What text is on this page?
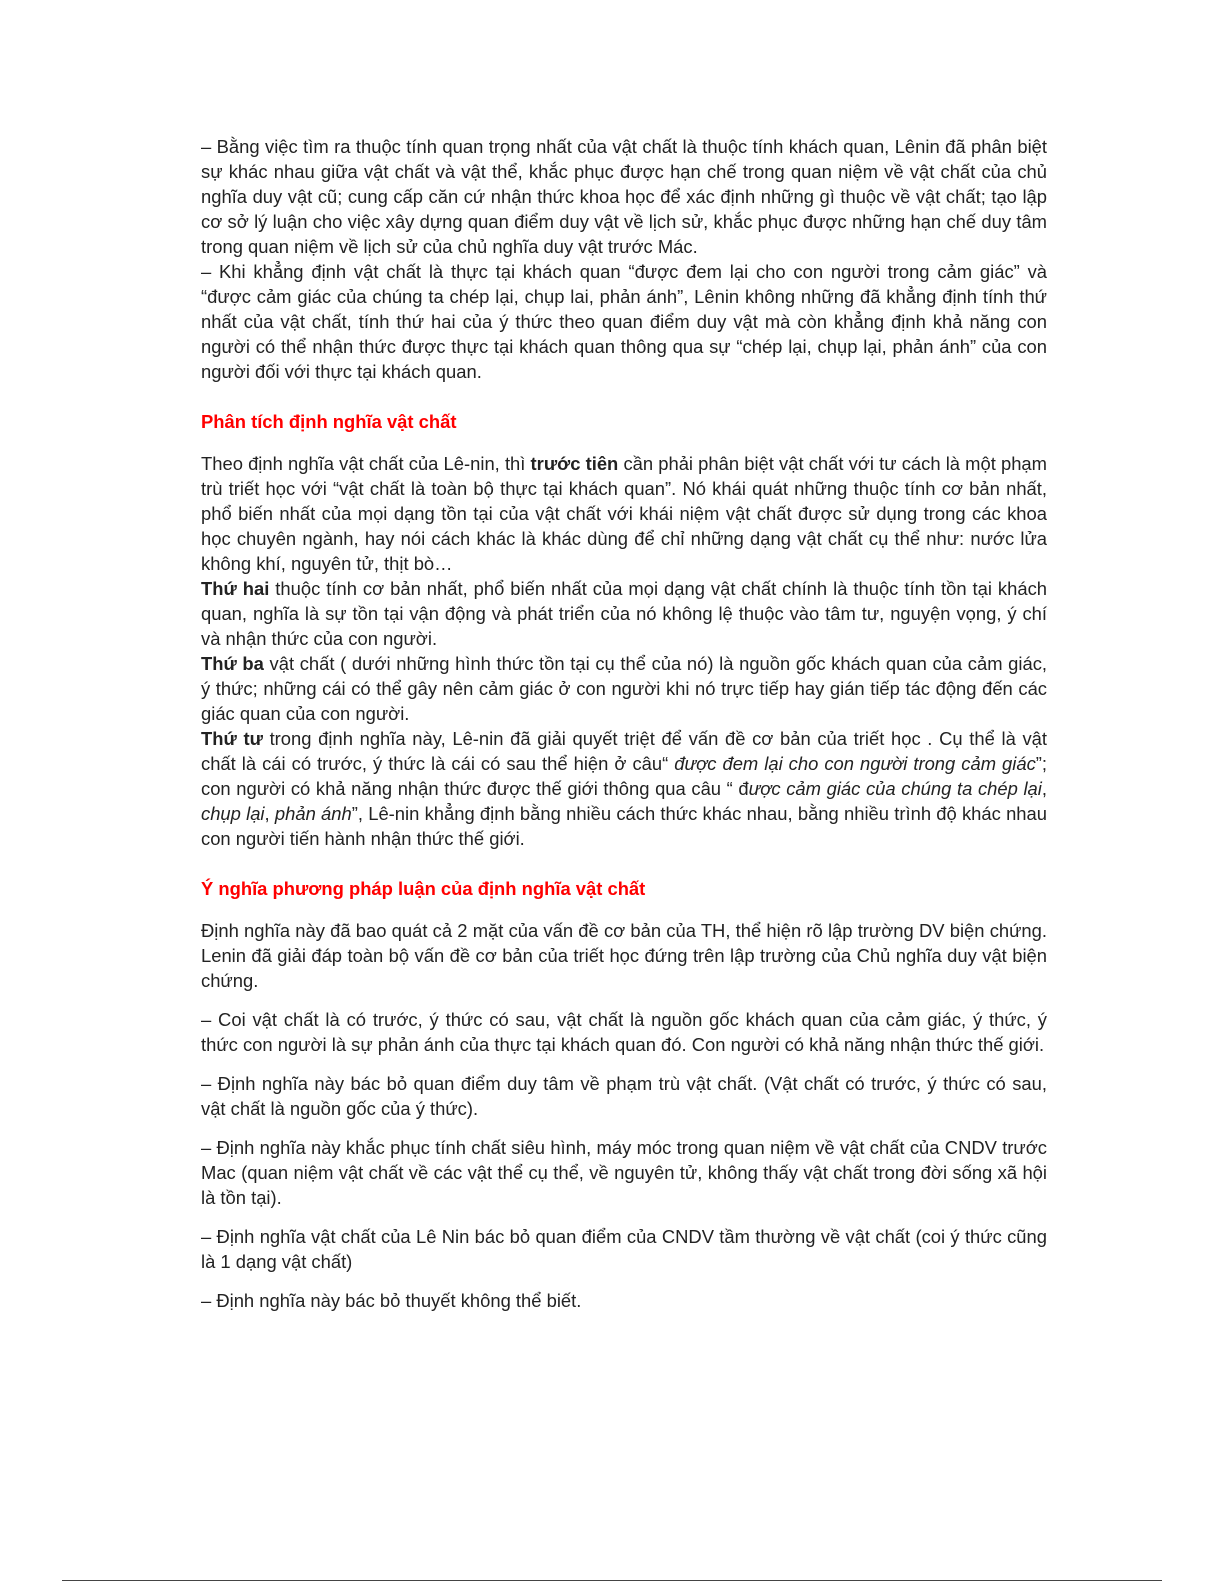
– Bằng việc tìm ra thuộc tính quan trọng nhất của vật chất là thuộc tính khách quan, Lênin đã phân biệt sự khác nhau giữa vật chất và vật thể, khắc phục được hạn chế trong quan niệm về vật chất của chủ nghĩa duy vật cũ; cung cấp căn cứ nhận thức khoa học để xác định những gì thuộc về vật chất; tạo lập cơ sở lý luận cho việc xây dựng quan điểm duy vật về lịch sử, khắc phục được những hạn chế duy tâm trong quan niệm về lịch sử của chủ nghĩa duy vật trước Mác.

– Khi khẳng định vật chất là thực tại khách quan “được đem lại cho con người trong cảm giác” và “được cảm giác của chúng ta chép lại, chụp lai, phản ánh”, Lênin không những đã khẳng định tính thứ nhất của vật chất, tính thứ hai của ý thức theo quan điểm duy vật mà còn khẳng định khả năng con người có thể nhận thức được thực tại khách quan thông qua sự “chép lại, chụp lại, phản ánh” của con người đối với thực tại khách quan.

Phân tích định nghĩa vật chất

Theo định nghĩa vật chất của Lê-nin, thì trước tiên cần phải phân biệt vật chất với tư cách là một phạm trù triết học với “vật chất là toàn bộ thực tại khách quan”. Nó khái quát những thuộc tính cơ bản nhất, phổ biến nhất của mọi dạng tồn tại của vật chất với khái niệm vật chất được sử dụng trong các khoa học chuyên ngành, hay nói cách khác là khác dùng để chỉ những dạng vật chất cụ thể như: nước lửa không khí, nguyên tử, thịt bò…

Thứ hai thuộc tính cơ bản nhất, phổ biến nhất của mọi dạng vật chất chính là thuộc tính tồn tại khách quan, nghĩa là sự tồn tại vận động và phát triển của nó không lệ thuộc vào tâm tư, nguyện vọng, ý chí và nhận thức của con người.

Thứ ba vật chất ( dưới những hình thức tồn tại cụ thể của nó) là nguồn gốc khách quan của cảm giác, ý thức; những cái có thể gây nên cảm giác ở con người khi nó trực tiếp hay gián tiếp tác động đến các giác quan của con người.

Thứ tư trong định nghĩa này, Lê-nin đã giải quyết triệt để vấn đề cơ bản của triết học . Cụ thể là vật chất là cái có trước, ý thức là cái có sau thể hiện ở câu“ được đem lại cho con người trong cảm giác”; con người có khả năng nhận thức được thế giới thông qua câu “ được cảm giác của chúng ta chép lại, chụp lại, phản ánh”, Lê-nin khẳng định bằng nhiều cách thức khác nhau, bằng nhiều trình độ khác nhau con người tiến hành nhận thức thế giới.

Ý nghĩa phương pháp luận của định nghĩa vật chất

Định nghĩa này đã bao quát cả 2 mặt của vấn đề cơ bản của TH, thể hiện rõ lập trường DV biện chứng. Lenin đã giải đáp toàn bộ vấn đề cơ bản của triết học đứng trên lập trường của Chủ nghĩa duy vật biện chứng.

– Coi vật chất là có trước, ý thức có sau, vật chất là nguồn gốc khách quan của cảm giác, ý thức, ý thức con người là sự phản ánh của thực tại khách quan đó. Con người có khả năng nhận thức thế giới.

– Định nghĩa này bác bỏ quan điểm duy tâm về phạm trù vật chất. (Vật chất có trước, ý thức có sau, vật chất là nguồn gốc của ý thức).

– Định nghĩa này khắc phục tính chất siêu hình, máy móc trong quan niệm về vật chất của CNDV trước Mac (quan niệm vật chất về các vật thể cụ thể, về nguyên tử, không thấy vật chất trong đời sống xã hội là tồn tại).

– Định nghĩa vật chất của Lê Nin bác bỏ quan điểm của CNDV tầm thường về vật chất (coi ý thức cũng là 1 dạng vật chất)

– Định nghĩa này bác bỏ thuyết không thể biết.
